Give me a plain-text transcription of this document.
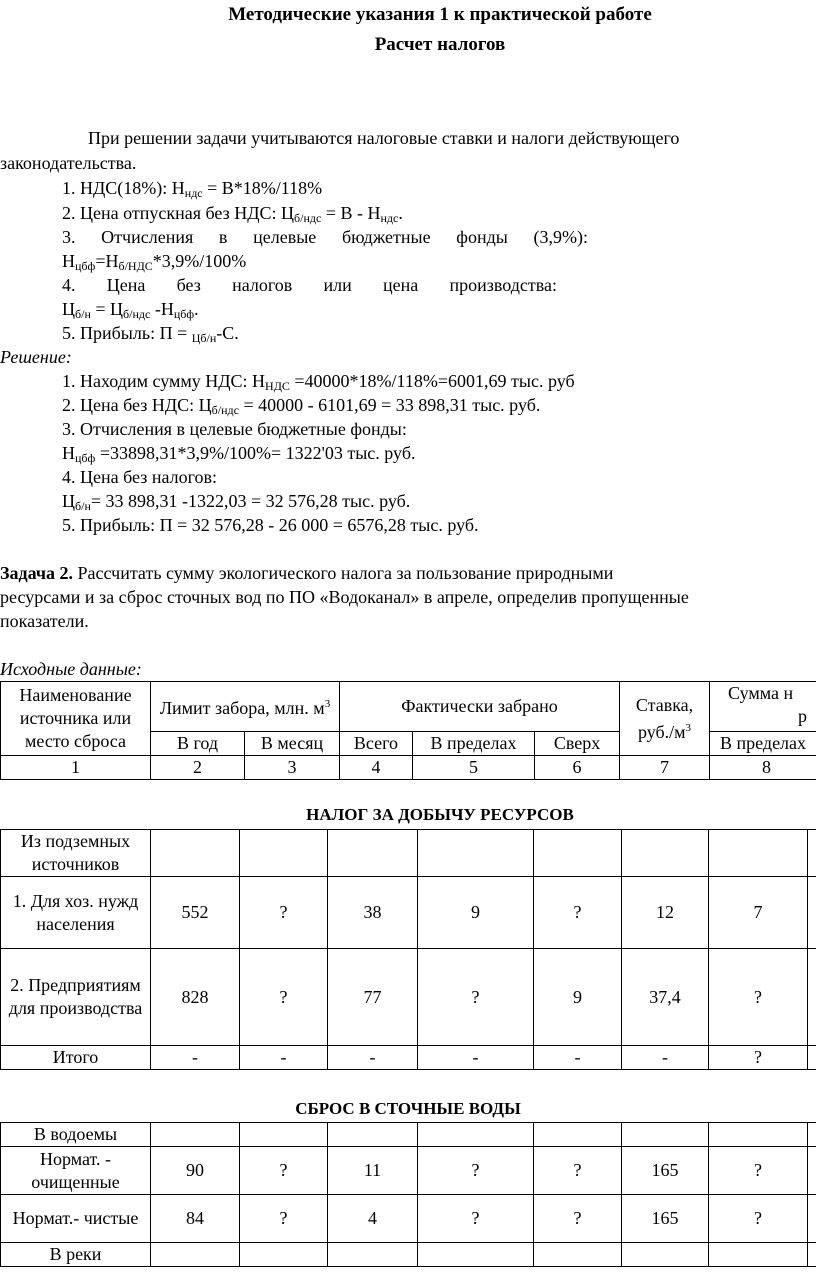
Методические указания 1 к практической работе
Расчет налогов
При решении задачи учитываются налоговые ставки и налоги действующего
законодательства.
1. НДС(18%): $Н_{ндс} = В*18\%/118\%$
2. Цена отпускная без НДС: $Ц_{б/ндс} = В - Н_{ндс}$.
3. Отчисления в целевые бюджетные фонды (3,9%):
$Н_{цбф}=Н_{б/НДС}*3,9\%/100\%$
4. Цена без налогов или цена производства:
$Ц_{б/н} = Ц_{б/ндс}$ $-Н_{цбф}$.
5. Прибыль: П = $_{Цб/н}$-С.
Решение:
1. Находим сумму НДС: $Н_{НДС} =40000*18\%/118\%=6001,69$ тыс. руб
2. Цена без НДС: $Ц_{б/ндс} = 40000 - 6101,69 = 33$ 898,31 тыс. руб.
3. Отчисления в целевые бюджетные фонды:
$Н_{цбф} =33898,31*3,9\%/100\%= 1322'03$ тыс. руб.
4. Цена без налогов:
$Ц_{б/н}= 33$ 898,31 -1322,03 = 32 576,28 тыс. руб.
5. Прибыль: П = 32 576,28 - 26 000 = 6576,28 тыс. руб.
Задача 2. Рассчитать сумму экологического налога за пользование природными
ресурсами и за сброс сточных вод по ПО «Водоканал» в апреле, определив пропущенные
показатели.
Исходные данные:
Наименование источника или место сброса	Лимит забора, млн. $м^3$		Фактически забрано			Ставка, $руб./м^3$	Сумма н
р
	В год	В месяц	Всего	В пределах	Сверх		В пределах
1	2	3	4	5	6	7	8
НАЛОГ ЗА ДОБЫЧУ РЕСУРСОВ
Из подземных источников								
1. Для хоз. нужд населения	552	?	38	9	?	12	7	
2. Предприятиям для производства	828	?	77	?	9	37,4	?	
Итого	-	-	-	-	-	-	?	
СБРОС В СТОЧНЫЕ ВОДЫ
В водоемы								
Нормат. - очищенные	90	?	11	?	?	165	?	
Нормат.- чистые	84	?	4	?	?	165	?	
В реки								
